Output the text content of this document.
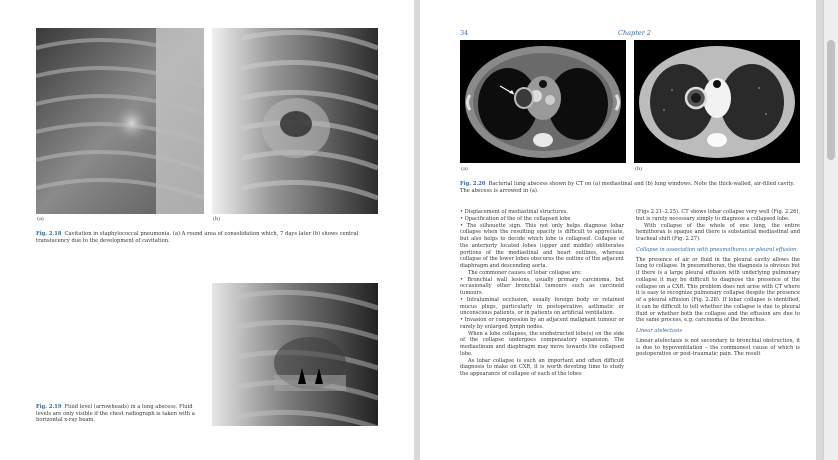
(a)	(b)
Fig. 2.18 Cavitation in staphylococcal pneumonia. (a) A round area of consolidation which, 7 days later (b) shows central translucency due to the development of cavitation.
Fig. 2.19 Fluid level (arrowheads) in a lung abscess. Fluid levels are only visible if the chest radiograph is taken with a horizontal x-ray beam.
34	Chapter 2
(a)	(b)
Fig. 2.20 Bacterial lung abscess shown by CT on (a) mediastinal and (b) lung windows. Note the thick-walled, air-filled cavity. The abscess is arrowed in (a).

• Displacement of mediastinal structures.

• Opacification of the of the collapsed lobe

• The silhouette sign. This not only helps diagnose lobar collapse when the resulting opacity is difficult to appreciate, but also helps to decide which lobe is collapsed. Collapse of the anteriorly located lobes (upper and middle) obliterates portions of the mediastinal and heart outlines, whereas collapse of the lower lobes obscures the outline of the adjacent diaphragm and descending aorta.

The commoner causes of lobar collapse are:

• Bronchial wall lesions, usually primary carcinoma, but occasionally other bronchial tumours such as carcinoid tumours.

• Intraluminal occlusion, usually foreign body or retained mucus plugs, particularly in postoperative, asthmatic or unconscious patients, or in patients on artificial ventilation.

• Invasion or compression by an adjacent malignant tumour or rarely by enlarged lymph nodes.

When a lobe collapses, the unobstructed lobe(s) on the side of the collapse undergoes compensatory expansion. The mediastinum and diaphragm may move towards the collapsed lobe.

As lobar collapse is such an important and often difficult diagnosis to make on CXR, it is worth devoting time to study the appearance of collapse of each of the lobes

(Figs 2.21–2.25). CT shows lobar collapse very well (Fig. 2.26), but is rarely necessary simply to diagnose a collapsed lobe.

With collapse of the whole of one lung, the entire hemithorax is opaque and there is substantial mediastinal and tracheal shift (Fig. 2.27).

Collapse in association with pneumothorax or pleural effusion

The presence of air or fluid in the pleural cavity allows the lung to collapse. In pneumothorax, the diagnosis is obvious but if there is a large pleural effusion with underlying pulmonary collapse it may be difficult to diagnose the presence of the collapse on a CXR. This problem does not arise with CT where it is easy to recognize pulmonary collapse despite the presence of a pleural effusion (Fig. 2.28). If lobar collapse is identified, it can be difficult to tell whether the collapse is due to pleural fluid or whether both the collapse and the effusion are due to the same process, e.g. carcinoma of the bronchus.

Linear atelectasis

Linear atelectasis is not secondary to bronchial obstruction, it is due to hypoventilation – the commonest cause of which is postoperative or post-traumatic pain. The result
